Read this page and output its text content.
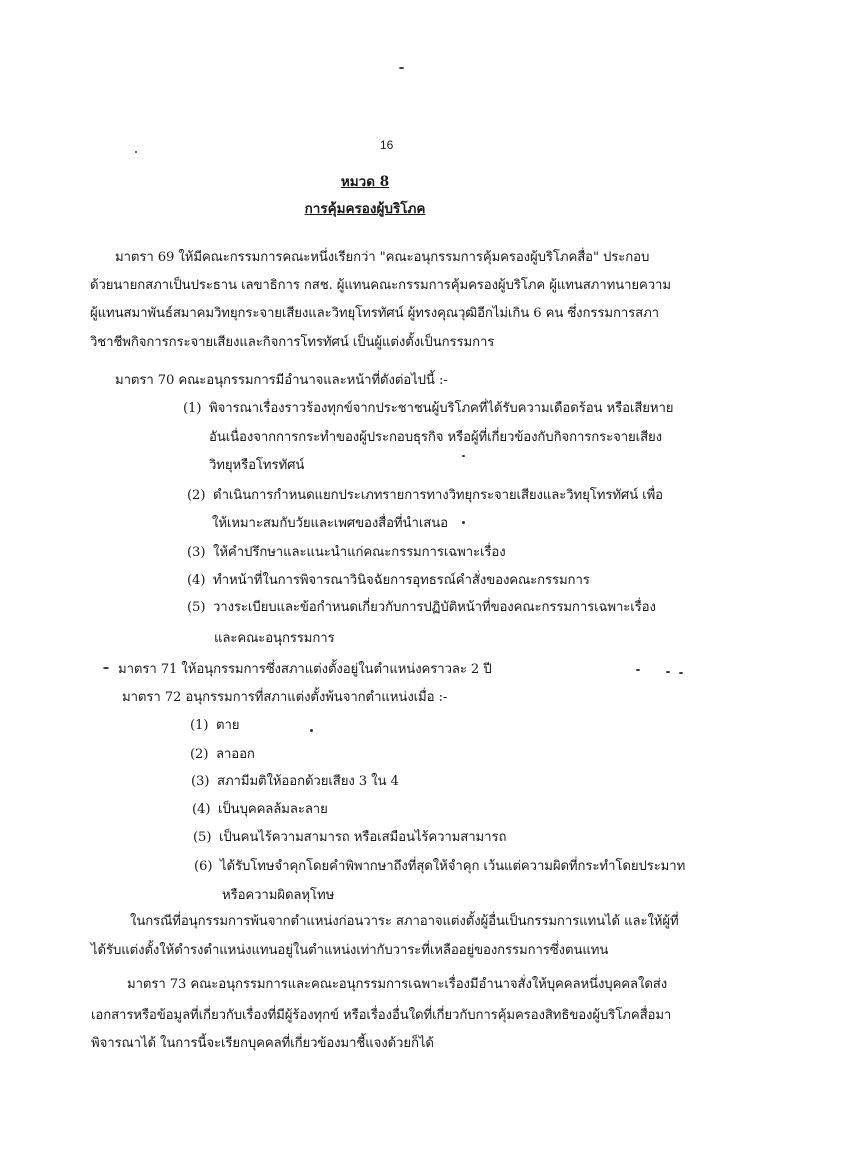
16
หมวด 8
การคุ้มครองผู้บริโภค
มาตรา 69 ให้มีคณะกรรมการคณะหนึ่งเรียกว่า "คณะอนุกรรมการคุ้มครองผู้บริโภคสื่อ" ประกอบ
ด้วยนายกสภาเป็นประธาน เลขาธิการ กสช. ผู้แทนคณะกรรมการคุ้มครองผู้บริโภค ผู้แทนสภาทนายความ
ผู้แทนสมาพันธ์สมาคมวิทยุกระจายเสียงและวิทยุโทรทัศน์ ผู้ทรงคุณวุฒิอีกไม่เกิน 6 คน ซึ่งกรรมการสภา
วิชาชีพกิจการกระจายเสียงและกิจการโทรทัศน์ เป็นผู้แต่งตั้งเป็นกรรมการ
มาตรา 70 คณะอนุกรรมการมีอำนาจและหน้าที่ดังต่อไปนี้ :-
(1) พิจารณาเรื่องราวร้องทุกข์จากประชาชนผู้บริโภคที่ได้รับความเดือดร้อน หรือเสียหาย
อันเนื่องจากการกระทำของผู้ประกอบธุรกิจ หรือผู้ที่เกี่ยวข้องกับกิจการกระจายเสียง
วิทยุหรือโทรทัศน์
(2) ดำเนินการกำหนดแยกประเภทรายการทางวิทยุกระจายเสียงและวิทยุโทรทัศน์ เพื่อ
ให้เหมาะสมกับวัยและเพศของสื่อที่นำเสนอ
(3) ให้คำปรึกษาและแนะนำแก่คณะกรรมการเฉพาะเรื่อง
(4) ทำหน้าที่ในการพิจารณาวินิจฉัยการอุทธรณ์คำสั่งของคณะกรรมการ
(5) วางระเบียบและข้อกำหนดเกี่ยวกับการปฏิบัติหน้าที่ของคณะกรรมการเฉพาะเรื่อง
และคณะอนุกรรมการ
มาตรา 71 ให้อนุกรรมการซึ่งสภาแต่งตั้งอยู่ในตำแหน่งคราวละ 2 ปี
มาตรา 72 อนุกรรมการที่สภาแต่งตั้งพ้นจากตำแหน่งเมื่อ :-
(1) ตาย
(2) ลาออก
(3) สภามีมติให้ออกด้วยเสียง 3 ใน 4
(4) เป็นบุคคลล้มละลาย
(5) เป็นคนไร้ความสามารถ หรือเสมือนไร้ความสามารถ
(6) ได้รับโทษจำคุกโดยคำพิพากษาถึงที่สุดให้จำคุก เว้นแต่ความผิดที่กระทำโดยประมาท
หรือความผิดลหุโทษ
ในกรณีที่อนุกรรมการพ้นจากตำแหน่งก่อนวาระ สภาอาจแต่งตั้งผู้อื่นเป็นกรรมการแทนได้ และให้ผู้ที่
ได้รับแต่งตั้งให้ดำรงตำแหน่งแทนอยู่ในตำแหน่งเท่ากับวาระที่เหลืออยู่ของกรรมการซึ่งตนแทน
มาตรา 73 คณะอนุกรรมการและคณะอนุกรรมการเฉพาะเรื่องมีอำนาจสั่งให้บุคคลหนึ่งบุคคลใดส่ง
เอกสารหรือข้อมูลที่เกี่ยวกับเรื่องที่มีผู้ร้องทุกข์ หรือเรื่องอื่นใดที่เกี่ยวกับการคุ้มครองสิทธิของผู้บริโภคสื่อมา
พิจารณาได้ ในการนี้จะเรียกบุคคลที่เกี่ยวข้องมาชี้แจงด้วยก็ได้
